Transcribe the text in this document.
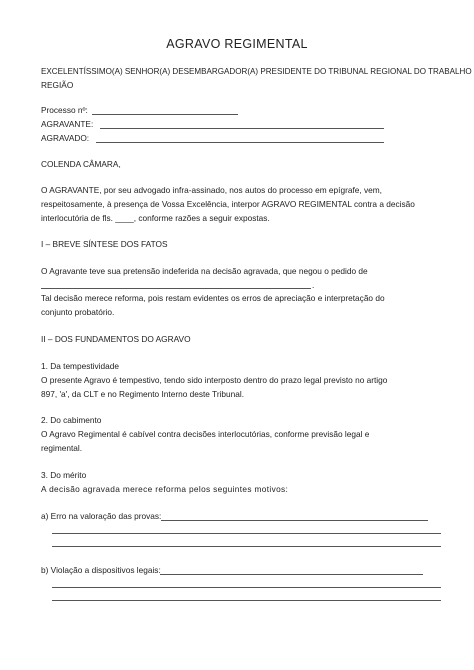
AGRAVO REGIMENTAL
EXCELENTÍSSIMO(A) SENHOR(A) DESEMBARGADOR(A) PRESIDENTE DO TRIBUNAL REGIONAL DO TRABALHO
REGIÃO
Processo nº:
AGRAVANTE:
AGRAVADO:
COLENDA CÂMARA,
O AGRAVANTE, por seu advogado infra-assinado, nos autos do processo em epígrafe, vem,
respeitosamente, à presença de Vossa Excelência, interpor AGRAVO REGIMENTAL contra a decisão
interlocutória de fls. ____, conforme razões a seguir expostas.
I – BREVE SÍNTESE DOS FATOS
O Agravante teve sua pretensão indeferida na decisão agravada, que negou o pedido de
.
Tal decisão merece reforma, pois restam evidentes os erros de apreciação e interpretação do
conjunto probatório.
II – DOS FUNDAMENTOS DO AGRAVO
1. Da tempestividade
O presente Agravo é tempestivo, tendo sido interposto dentro do prazo legal previsto no artigo
897, 'a', da CLT e no Regimento Interno deste Tribunal.
2. Do cabimento
O Agravo Regimental é cabível contra decisões interlocutórias, conforme previsão legal e
regimental.
3. Do mérito
A decisão agravada merece reforma pelos seguintes motivos:
a) Erro na valoração das provas:
b) Violação a dispositivos legais:
